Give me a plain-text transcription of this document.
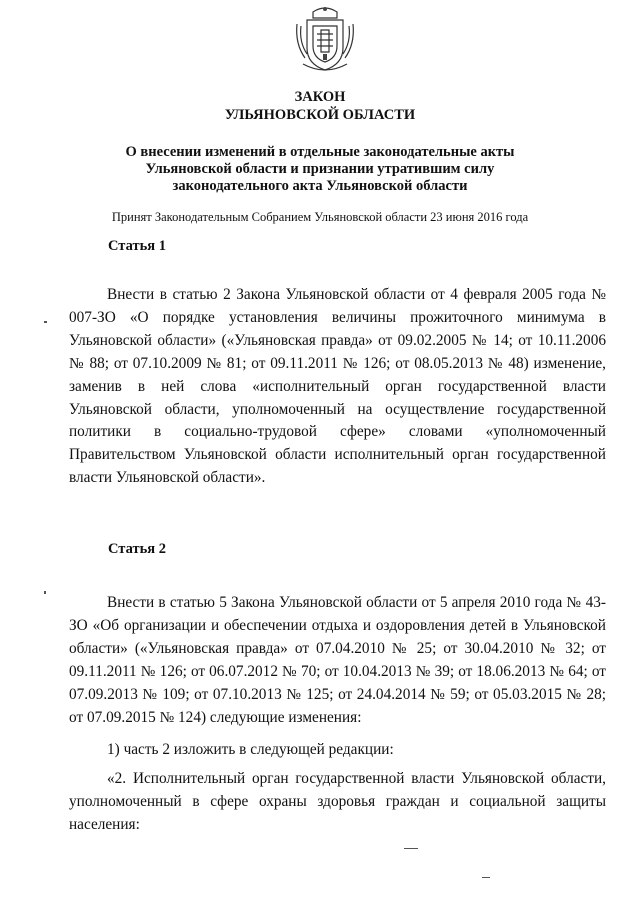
ЗАКОН
УЛЬЯНОВСКОЙ ОБЛАСТИ
О внесении изменений в отдельные законодательные акты
Ульяновской области и признании утратившим силу
законодательного акта Ульяновской области
Принят Законодательным Собранием Ульяновской области 23 июня 2016 года
Статья 1

Внести в статью 2 Закона Ульяновской области от 4 февраля 2005 года № 007-ЗО «О порядке установления величины прожиточного минимума в Ульяновской области» («Ульяновская правда» от 09.02.2005 № 14; от 10.11.2006 № 88; от 07.10.2009 № 81; от 09.11.2011 № 126; от 08.05.2013 № 48) изменение, заменив в ней слова «исполнительный орган государственной власти Ульяновской области, уполномоченный на осуществление государственной политики в социально-трудовой сфере» словами «уполномоченный Правительством Ульяновской области исполнительный орган государственной власти Ульяновской области».

Статья 2

Внести в статью 5 Закона Ульяновской области от 5 апреля 2010 года № 43-ЗО «Об организации и обеспечении отдыха и оздоровления детей в Ульяновской области» («Ульяновская правда» от 07.04.2010 № 25; от 30.04.2010 № 32; от 09.11.2011 № 126; от 06.07.2012 № 70; от 10.04.2013 № 39; от 18.06.2013 № 64; от 07.09.2013 № 109; от 07.10.2013 № 125; от 24.04.2014 № 59; от 05.03.2015 № 28; от 07.09.2015 № 124) следующие изменения:

1) часть 2 изложить в следующей редакции:

«2. Исполнительный орган государственной власти Ульяновской области, уполномоченный в сфере охраны здоровья граждан и социальной защиты населения:
